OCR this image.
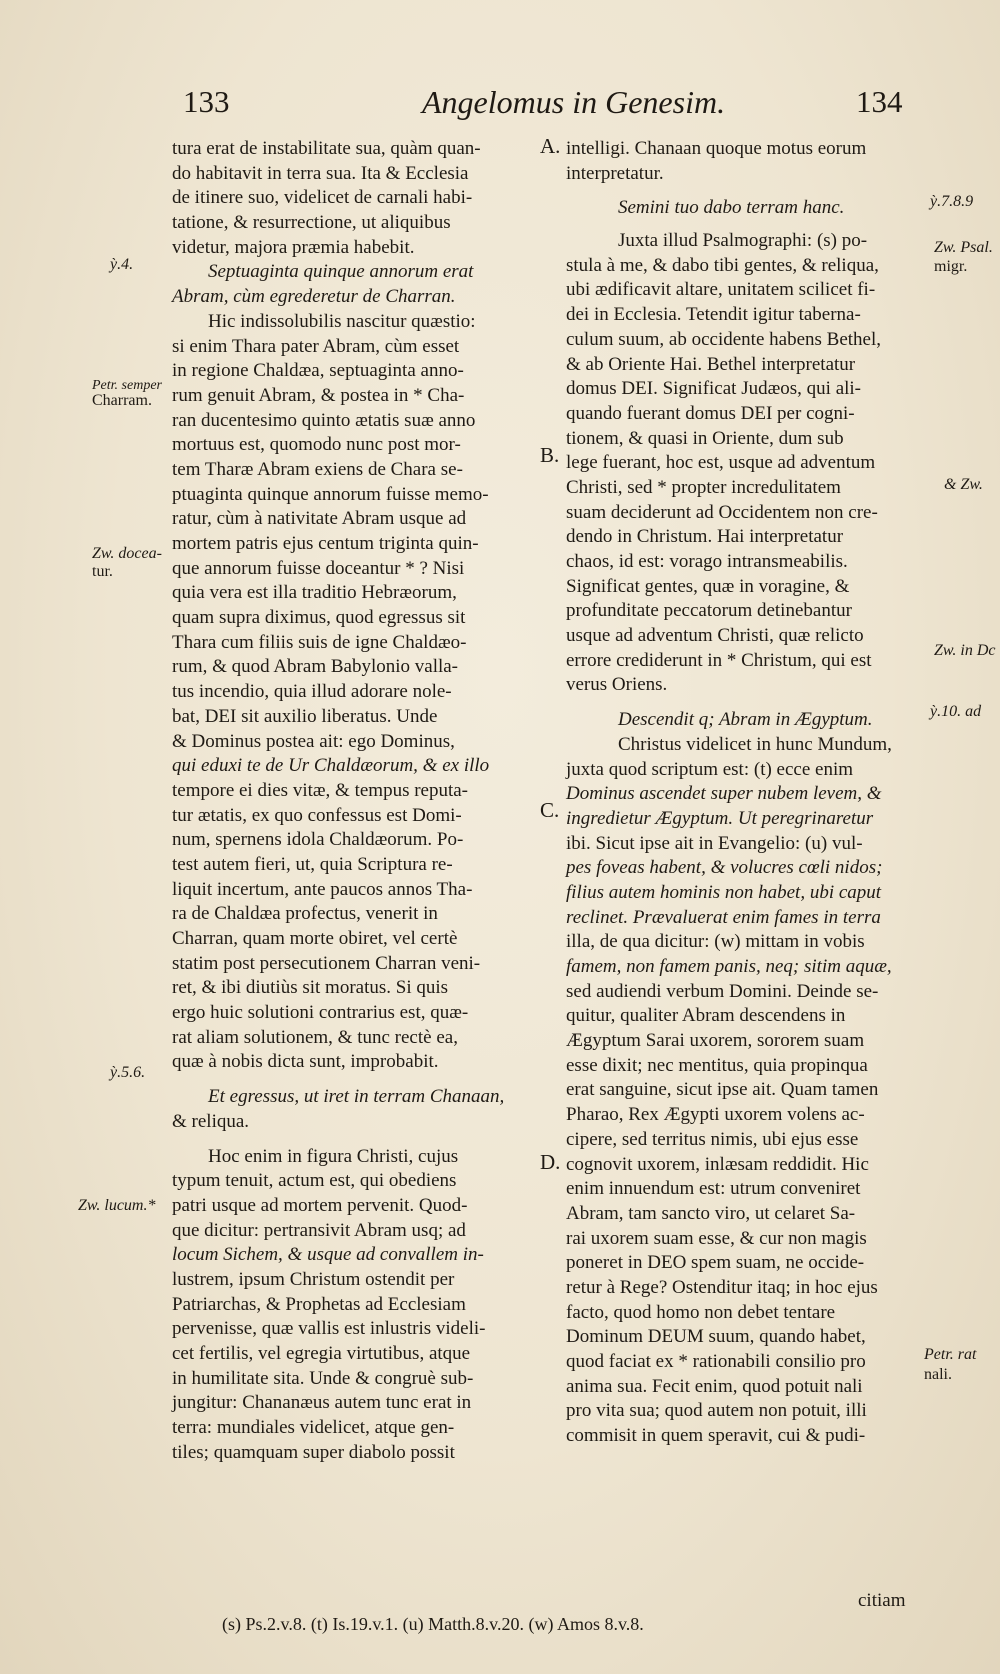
133	Angelomus in Genesim.	134
tura erat de instabilitate sua, quàm quan-
do habitavit in terra sua. Ita & Ecclesia
de itinere suo, videlicet de carnali habi-
tatione, & resurrectione, ut aliquibus
videtur, majora præmia habebit.
Septuaginta quinque annorum erat
Abram, cùm egrederetur de Charran.
Hic indissolubilis nascitur quæstio:
si enim Thara pater Abram, cùm esset
in regione Chaldæa, septuaginta anno-
rum genuit Abram, & postea in * Cha-
ran ducentesimo quinto ætatis suæ anno
mortuus est, quomodo nunc post mor-
tem Tharæ Abram exiens de Chara se-
ptuaginta quinque annorum fuisse memo-
ratur, cùm à nativitate Abram usque ad
mortem patris ejus centum triginta quin-
que annorum fuisse doceantur * ? Nisi
quia vera est illa traditio Hebræorum,
quam supra diximus, quod egressus sit
Thara cum filiis suis de igne Chaldæo-
rum, & quod Abram Babylonio valla-
tus incendio, quia illud adorare nole-
bat, DEI sit auxilio liberatus. Unde
& Dominus postea ait: ego Dominus,
qui eduxi te de Ur Chaldæorum, & ex illo
tempore ei dies vitæ, & tempus reputa-
tur ætatis, ex quo confessus est Domi-
num, spernens idola Chaldæorum. Po-
test autem fieri, ut, quia Scriptura re-
liquit incertum, ante paucos annos Tha-
ra de Chaldæa profectus, venerit in
Charran, quam morte obiret, vel certè
statim post persecutionem Charran veni-
ret, & ibi diutiùs sit moratus. Si quis
ergo huic solutioni contrarius est, quæ-
rat aliam solutionem, & tunc rectè ea,
quæ à nobis dicta sunt, improbabit.
Et egressus, ut iret in terram Chanaan,
& reliqua.
Hoc enim in figura Christi, cujus
typum tenuit, actum est, qui obediens
patri usque ad mortem pervenit. Quod-
que dicitur: pertransivit Abram usq; ad
locum Sichem, & usque ad convallem in-
lustrem, ipsum Christum ostendit per
Patriarchas, & Prophetas ad Ecclesiam
pervenisse, quæ vallis est inlustris videli-
cet fertilis, vel egregia virtutibus, atque
in humilitate sita. Unde & congruè sub-
jungitur: Chananæus autem tunc erat in
terra: mundiales videlicet, atque gen-
tiles; quamquam super diabolo possit
intelligi. Chanaan quoque motus eorum
interpretatur.
Semini tuo dabo terram hanc.
Juxta illud Psalmographi: (s) po-
stula à me, & dabo tibi gentes, & reliqua,
ubi ædificavit altare, unitatem scilicet fi-
dei in Ecclesia. Tetendit igitur taberna-
culum suum, ab occidente habens Bethel,
& ab Oriente Hai. Bethel interpretatur
domus DEI. Significat Judæos, qui ali-
quando fuerant domus DEI per cogni-
tionem, & quasi in Oriente, dum sub
lege fuerant, hoc est, usque ad adventum
Christi, sed * propter incredulitatem
suam deciderunt ad Occidentem non cre-
dendo in Christum. Hai interpretatur
chaos, id est: vorago intransmeabilis.
Significat gentes, quæ in voragine, &
profunditate peccatorum detinebantur
usque ad adventum Christi, quæ relicto
errore crediderunt in * Christum, qui est
verus Oriens.
Descendit q; Abram in Ægyptum.
Christus videlicet in hunc Mundum,
juxta quod scriptum est: (t) ecce enim
Dominus ascendet super nubem levem, &
ingredietur Ægyptum. Ut peregrinaretur
ibi. Sicut ipse ait in Evangelio: (u) vul-
pes foveas habent, & volucres cœli nidos;
filius autem hominis non habet, ubi caput
reclinet. Prævaluerat enim fames in terra
illa, de qua dicitur: (w) mittam in vobis
famem, non famem panis, neq; sitim aquæ,
sed audiendi verbum Domini. Deinde se-
quitur, qualiter Abram descendens in
Ægyptum Sarai uxorem, sororem suam
esse dixit; nec mentitus, quia propinqua
erat sanguine, sicut ipse ait. Quam tamen
Pharao, Rex Ægypti uxorem volens ac-
cipere, sed territus nimis, ubi ejus esse
cognovit uxorem, inlæsam reddidit. Hic
enim innuendum est: utrum conveniret
Abram, tam sancto viro, ut celaret Sa-
rai uxorem suam esse, & cur non magis
poneret in DEO spem suam, ne occide-
retur à Rege? Ostenditur itaq; in hoc ejus
facto, quod homo non debet tentare
Dominum DEUM suum, quando habet,
quod faciat ex * rationabili consilio pro
anima sua. Fecit enim, quod potuit nali
pro vita sua; quod autem non potuit, illi
commisit in quem speravit, cui & pudi-
A.
B.
C.
D.
ỳ.4.
Petr. semper
Charram.
Zw. docea-
tur.
ỳ.5.6.
Zw. lucum.*
ỳ.7.8.9
Zw. Psal.
migr.
& Zw.
Zw. in Dc
ỳ.10. ad
Petr. rat
nali.
citiam
(s) Ps.2.v.8. (t) Is.19.v.1. (u) Matth.8.v.20. (w) Amos 8.v.8.
